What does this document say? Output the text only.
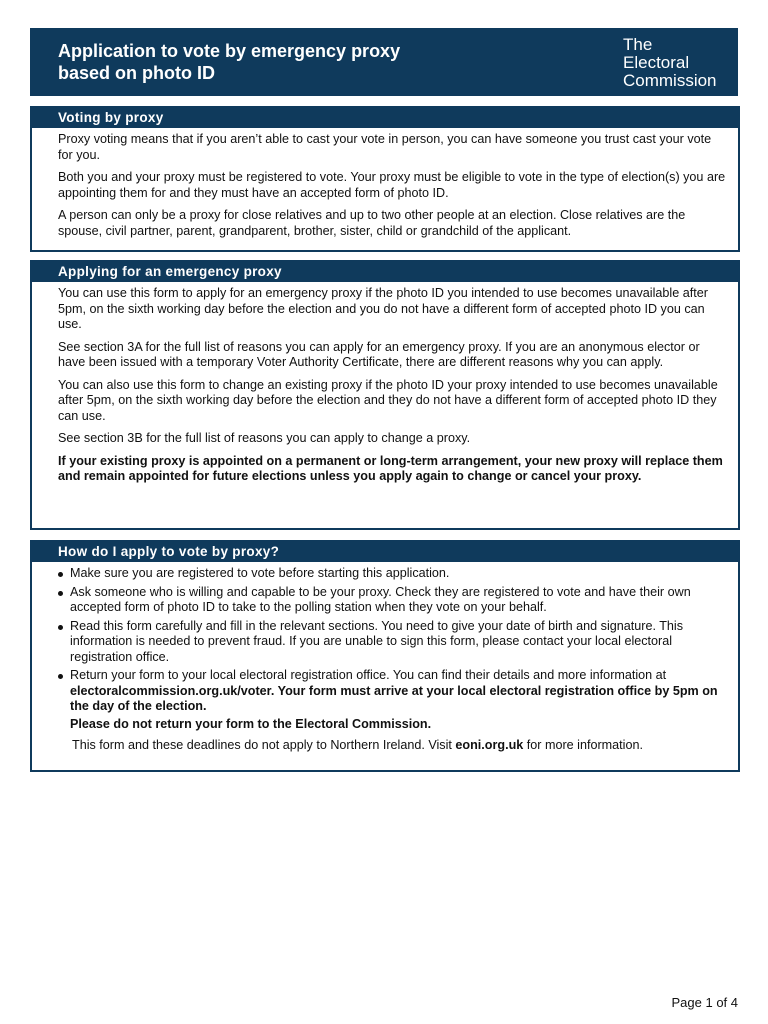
Application to vote by emergency proxy
based on photo ID
The
Electoral
Commission
Voting by proxy

Proxy voting means that if you aren’t able to cast your vote in person, you can have someone you trust cast your vote for you.

Both you and your proxy must be registered to vote. Your proxy must be eligible to vote in the type of election(s) you are appointing them for and they must have an accepted form of photo ID.

A person can only be a proxy for close relatives and up to two other people at an election. Close relatives are the spouse, civil partner, parent, grandparent, brother, sister, child or grandchild of the applicant.

Applying for an emergency proxy

You can use this form to apply for an emergency proxy if the photo ID you intended to use becomes unavailable after 5pm, on the sixth working day before the election and you do not have a different form of accepted photo ID you can use.

See section 3A for the full list of reasons you can apply for an emergency proxy. If you are an anonymous elector or have been issued with a temporary Voter Authority Certificate, there are different reasons why you can apply.

You can also use this form to change an existing proxy if the photo ID your proxy intended to use becomes unavailable after 5pm, on the sixth working day before the election and they do not have a different form of accepted photo ID they can use.

See section 3B for the full list of reasons you can apply to change a proxy.

If your existing proxy is appointed on a permanent or long-term arrangement, your new proxy will replace them and remain appointed for future elections unless you apply again to change or cancel your proxy.

How do I apply to vote by proxy?
Make sure you are registered to vote before starting this application.
Ask someone who is willing and capable to be your proxy. Check they are registered to vote and have their own accepted form of photo ID to take to the polling station when they vote on your behalf.
Read this form carefully and fill in the relevant sections. You need to give your date of birth and signature. This information is needed to prevent fraud. If you are unable to sign this form, please contact your local electoral registration office.
Return your form to your local electoral registration office. You can find their details and more information at electoralcommission.org.uk/voter. Your form must arrive at your local electoral registration office by 5pm on the day of the election.
Please do not return your form to the Electoral Commission.
This form and these deadlines do not apply to Northern Ireland. Visit eoni.org.uk for more information.
Page 1 of 4
